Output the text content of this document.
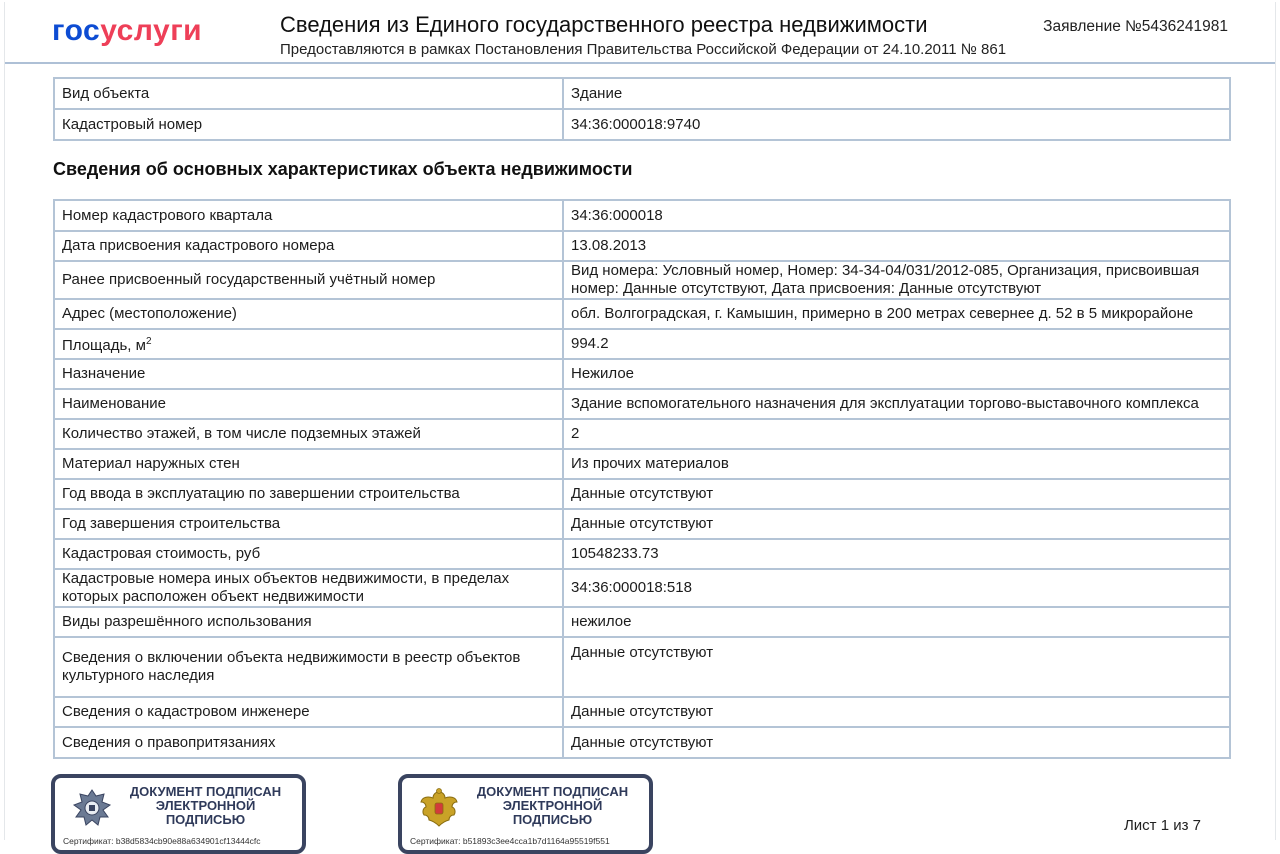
госуслуги	Сведения из Единого государственного реестра недвижимости
Предоставляются в рамках Постановления Правительства Российской Федерации от 24.10.2011 № 861
Заявление №5436241981
Вид объекта	Здание
Кадастровый номер	34:36:000018:9740
Сведения об основных характеристиках объекта недвижимости
Номер кадастрового квартала	34:36:000018
Дата присвоения кадастрового номера	13.08.2013
Ранее присвоенный государственный учётный номер	Вид номера: Условный номер, Номер: 34-34-04/031/2012-085, Организация, присвоившая номер: Данные отсутствуют, Дата присвоения: Данные отсутствуют
Адрес (местоположение)	обл. Волгоградская, г. Камышин, примерно в 200 метрах севернее д. 52 в 5 микрорайоне
Площадь, $м^2$	994.2
Назначение	Нежилое
Наименование	Здание вспомогательного назначения для эксплуатации торгово-выставочного комплекса
Количество этажей, в том числе подземных этажей	2
Материал наружных стен	Из прочих материалов
Год ввода в эксплуатацию по завершении строительства	Данные отсутствуют
Год завершения строительства	Данные отсутствуют
Кадастровая стоимость, руб	10548233.73
Кадастровые номера иных объектов недвижимости, в пределах которых расположен объект недвижимости	34:36:000018:518
Виды разрешённого использования	нежилое
Сведения о включении объекта недвижимости в реестр объектов культурного наследия	Данные отсутствуют
Сведения о кадастровом инженере	Данные отсутствуют
Сведения о правопритязаниях	Данные отсутствуют
ДОКУМЕНТ ПОДПИСАН ЭЛЕКТРОННОЙ ПОДПИСЬЮ
Сертификат: b38d5834cb90e88a634901cf13444cfc
ДОКУМЕНТ ПОДПИСАН ЭЛЕКТРОННОЙ ПОДПИСЬЮ
Сертификат: b51893c3ee4cca1b7d1164a95519f551
Лист 1 из 7
